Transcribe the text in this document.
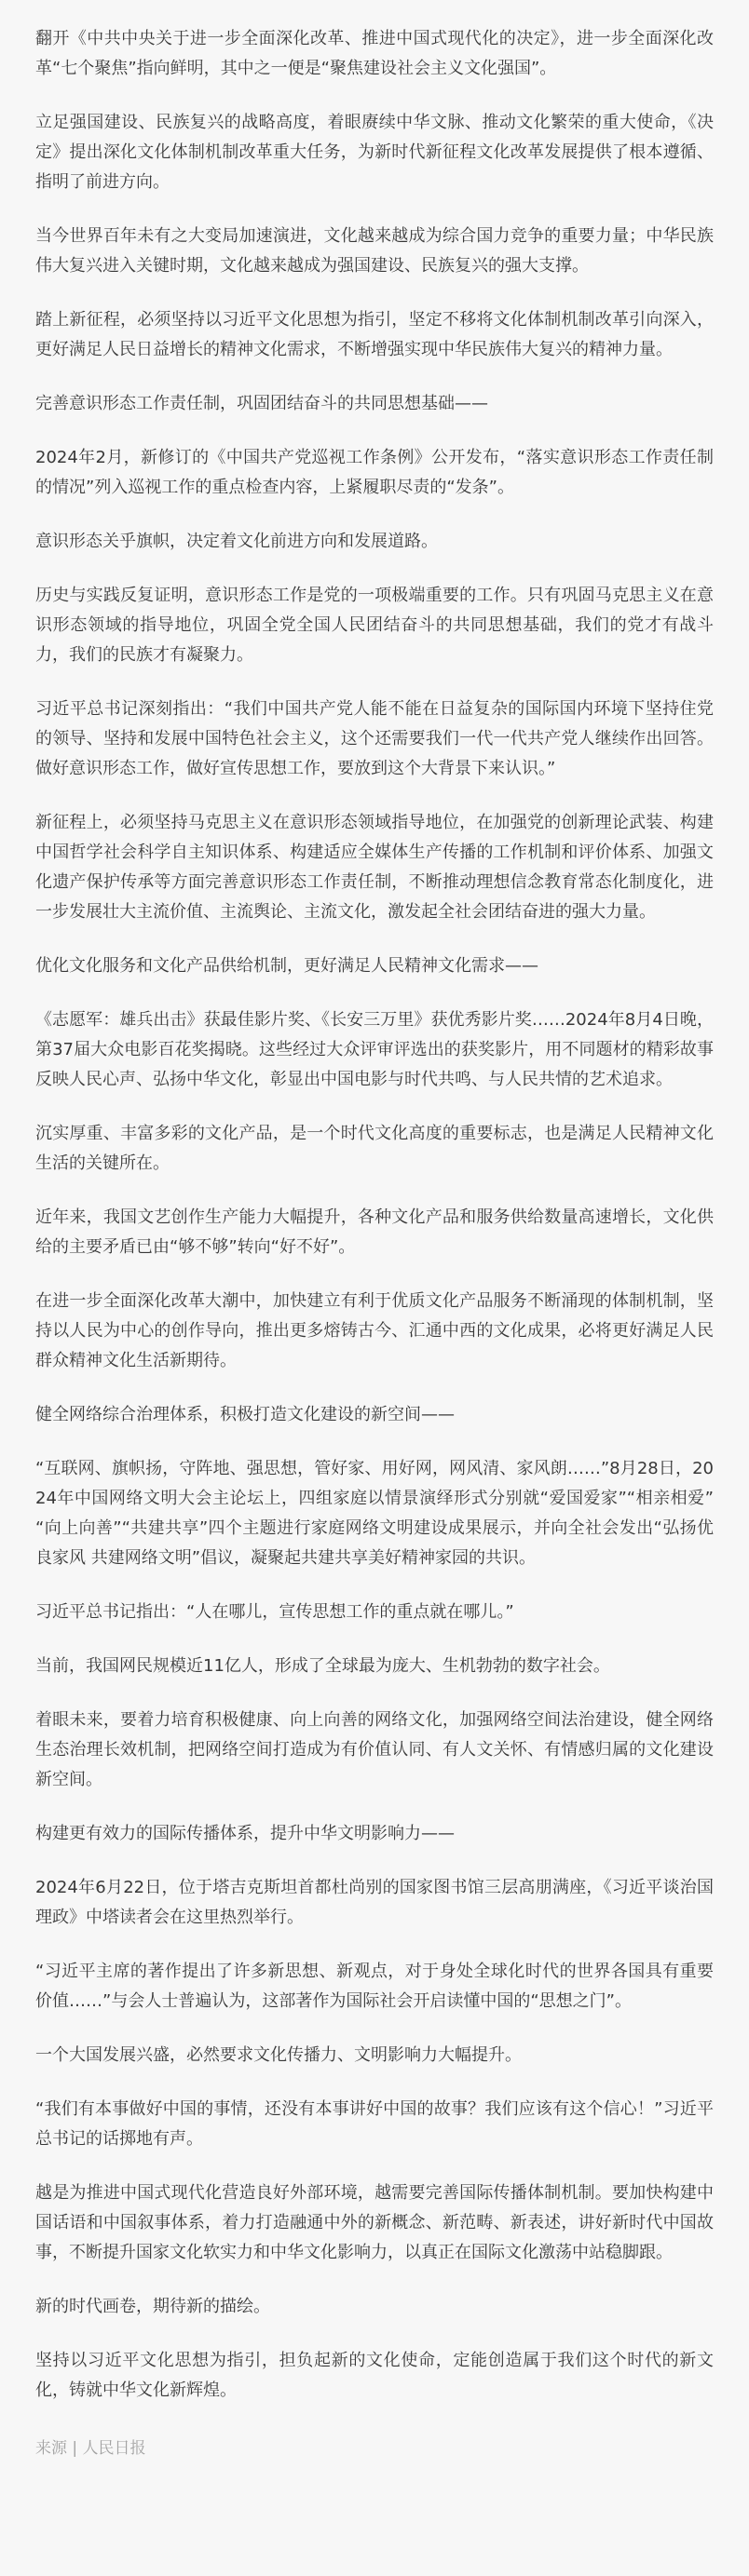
翻开《中共中央关于进一步全面深化改革、推进中国式现代化的决定》，进一步全面深化改革“七个聚焦”指向鲜明，其中之一便是“聚焦建设社会主义文化强国”。

立足强国建设、民族复兴的战略高度，着眼赓续中华文脉、推动文化繁荣的重大使命，《决定》提出深化文化体制机制改革重大任务，为新时代新征程文化改革发展提供了根本遵循、指明了前进方向。

当今世界百年未有之大变局加速演进，文化越来越成为综合国力竞争的重要力量；中华民族伟大复兴进入关键时期，文化越来越成为强国建设、民族复兴的强大支撑。

踏上新征程，必须坚持以习近平文化思想为指引，坚定不移将文化体制机制改革引向深入，更好满足人民日益增长的精神文化需求，不断增强实现中华民族伟大复兴的精神力量。

完善意识形态工作责任制，巩固团结奋斗的共同思想基础——

2024年2月，新修订的《中国共产党巡视工作条例》公开发布，“落实意识形态工作责任制的情况”列入巡视工作的重点检查内容，上紧履职尽责的“发条”。

意识形态关乎旗帜，决定着文化前进方向和发展道路。

历史与实践反复证明，意识形态工作是党的一项极端重要的工作。只有巩固马克思主义在意识形态领域的指导地位，巩固全党全国人民团结奋斗的共同思想基础，我们的党才有战斗力，我们的民族才有凝聚力。

习近平总书记深刻指出：“我们中国共产党人能不能在日益复杂的国际国内环境下坚持住党的领导、坚持和发展中国特色社会主义，这个还需要我们一代一代共产党人继续作出回答。做好意识形态工作，做好宣传思想工作，要放到这个大背景下来认识。”

新征程上，必须坚持马克思主义在意识形态领域指导地位，在加强党的创新理论武装、构建中国哲学社会科学自主知识体系、构建适应全媒体生产传播的工作机制和评价体系、加强文化遗产保护传承等方面完善意识形态工作责任制，不断推动理想信念教育常态化制度化，进一步发展壮大主流价值、主流舆论、主流文化，激发起全社会团结奋进的强大力量。

优化文化服务和文化产品供给机制，更好满足人民精神文化需求——

《志愿军：雄兵出击》获最佳影片奖、《长安三万里》获优秀影片奖……2024年8月4日晚，第37届大众电影百花奖揭晓。这些经过大众评审评选出的获奖影片，用不同题材的精彩故事反映人民心声、弘扬中华文化，彰显出中国电影与时代共鸣、与人民共情的艺术追求。

沉实厚重、丰富多彩的文化产品，是一个时代文化高度的重要标志，也是满足人民精神文化生活的关键所在。

近年来，我国文艺创作生产能力大幅提升，各种文化产品和服务供给数量高速增长，文化供给的主要矛盾已由“够不够”转向“好不好”。

在进一步全面深化改革大潮中，加快建立有利于优质文化产品服务不断涌现的体制机制，坚持以人民为中心的创作导向，推出更多熔铸古今、汇通中西的文化成果，必将更好满足人民群众精神文化生活新期待。

健全网络综合治理体系，积极打造文化建设的新空间——

“互联网、旗帜扬，守阵地、强思想，管好家、用好网，网风清、家风朗……”8月28日，2024年中国网络文明大会主论坛上，四组家庭以情景演绎形式分别就“爱国爱家”“相亲相爱”“向上向善”“共建共享”四个主题进行家庭网络文明建设成果展示，并向全社会发出“弘扬优良家风 共建网络文明”倡议，凝聚起共建共享美好精神家园的共识。

习近平总书记指出：“人在哪儿，宣传思想工作的重点就在哪儿。”

当前，我国网民规模近11亿人，形成了全球最为庞大、生机勃勃的数字社会。

着眼未来，要着力培育积极健康、向上向善的网络文化，加强网络空间法治建设，健全网络生态治理长效机制，把网络空间打造成为有价值认同、有人文关怀、有情感归属的文化建设新空间。

构建更有效力的国际传播体系，提升中华文明影响力——

2024年6月22日，位于塔吉克斯坦首都杜尚别的国家图书馆三层高朋满座，《习近平谈治国理政》中塔读者会在这里热烈举行。

“习近平主席的著作提出了许多新思想、新观点，对于身处全球化时代的世界各国具有重要价值……”与会人士普遍认为，这部著作为国际社会开启读懂中国的“思想之门”。

一个大国发展兴盛，必然要求文化传播力、文明影响力大幅提升。

“我们有本事做好中国的事情，还没有本事讲好中国的故事？我们应该有这个信心！”习近平总书记的话掷地有声。

越是为推进中国式现代化营造良好外部环境，越需要完善国际传播体制机制。要加快构建中国话语和中国叙事体系，着力打造融通中外的新概念、新范畴、新表述，讲好新时代中国故事，不断提升国家文化软实力和中华文化影响力，以真正在国际文化激荡中站稳脚跟。

新的时代画卷，期待新的描绘。

坚持以习近平文化思想为指引，担负起新的文化使命，定能创造属于我们这个时代的新文化，铸就中华文化新辉煌。

来源 | 人民日报
